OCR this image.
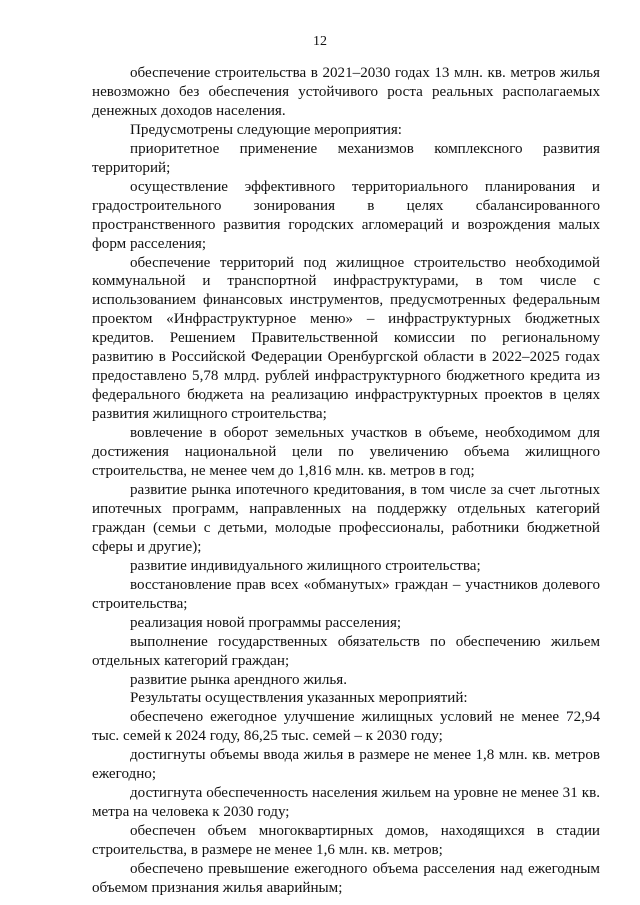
12

обеспечение строительства в 2021–2030 годах 13 млн. кв. метров жилья невозможно без обеспечения устойчивого роста реальных располагаемых денежных доходов населения.

Предусмотрены следующие мероприятия:

приоритетное применение механизмов комплексного развития территорий;

осуществление эффективного территориального планирования и градостроительного зонирования в целях сбалансированного пространственного развития городских агломераций и возрождения малых форм расселения;

обеспечение территорий под жилищное строительство необходимой коммунальной и транспортной инфраструктурами, в том числе с использованием финансовых инструментов, предусмотренных федеральным проектом «Инфраструктурное меню» – инфраструктурных бюджетных кредитов. Решением Правительственной комиссии по региональному развитию в Российской Федерации Оренбургской области в 2022–2025 годах предоставлено 5,78 млрд. рублей инфраструктурного бюджетного кредита из федерального бюджета на реализацию инфраструктурных проектов в целях развития жилищного строительства;

вовлечение в оборот земельных участков в объеме, необходимом для достижения национальной цели по увеличению объема жилищного строительства, не менее чем до 1,816 млн. кв. метров в год;

развитие рынка ипотечного кредитования, в том числе за счет льготных ипотечных программ, направленных на поддержку отдельных категорий граждан (семьи с детьми, молодые профессионалы, работники бюджетной сферы и другие);

развитие индивидуального жилищного строительства;

восстановление прав всех «обманутых» граждан – участников долевого строительства;

реализация новой программы расселения;

выполнение государственных обязательств по обеспечению жильем отдельных категорий граждан;

развитие рынка арендного жилья.

Результаты осуществления указанных мероприятий:

обеспечено ежегодное улучшение жилищных условий не менее 72,94 тыс. семей к 2024 году, 86,25 тыс. семей – к 2030 году;

достигнуты объемы ввода жилья в размере не менее 1,8 млн. кв. метров ежегодно;

достигнута обеспеченность населения жильем на уровне не менее 31 кв. метра на человека к 2030 году;

обеспечен объем многоквартирных домов, находящихся в стадии строительства, в размере не менее 1,6 млн. кв. метров;

обеспечено превышение ежегодного объема расселения над ежегодным объемом признания жилья аварийным;
